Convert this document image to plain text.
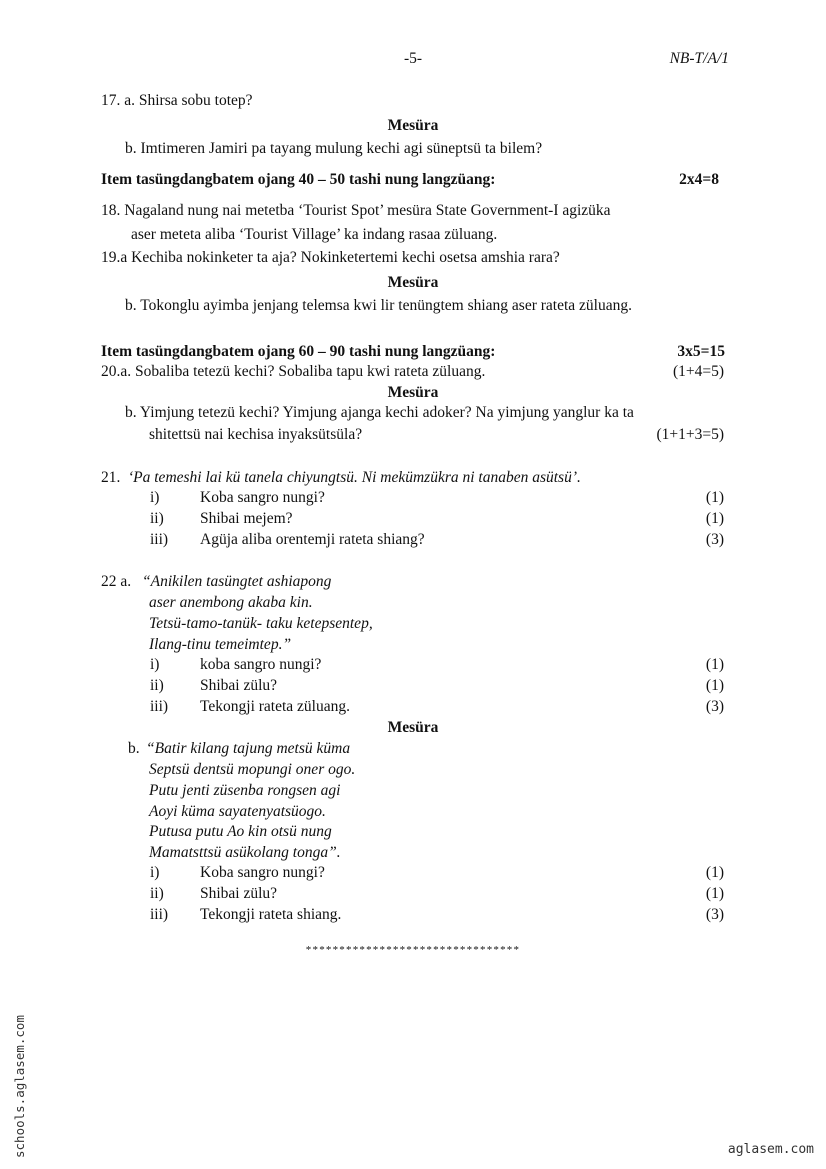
-5-	NB-T/A/1
17. a. Shirsa sobu totep?
Mesüra
b. Imtimeren Jamiri pa tayang mulung kechi agi süneptsü ta bilem?
Item tasüngdangbatem ojang 40 – 50 tashi nung langzüang:	2x4=8
18. Nagaland nung nai metetba ‘Tourist Spot’ mesüra State Government-I agizüka
aser meteta aliba ‘Tourist Village’ ka indang rasaa züluang.
19.a Kechiba nokinketer ta aja? Nokinketertemi kechi osetsa amshia rara?
Mesüra
b. Tokonglu ayimba jenjang telemsa kwi lir tenüngtem shiang aser rateta züluang.
Item tasüngdangbatem ojang 60 – 90 tashi nung langzüang:	3x5=15
20.a. Sobaliba tetezü kechi? Sobaliba tapu kwi rateta züluang.	(1+4=5)
Mesüra
b. Yimjung tetezü kechi? Yimjung ajanga kechi adoker? Na yimjung yanglur ka ta
shitettsü nai kechisa inyaksütsüla?	(1+1+3=5)
21. ‘Pa temeshi lai kü tanela chiyungtsü. Ni mekümzükra ni tanaben asütsü’.
i)	Koba sangro nungi?	(1)
ii) Shibai mejem?	(1)
iii) Agüja aliba orentemji rateta shiang?	(3)
22 a. “Anikilen tasüngtet ashiapong
aser anembong akaba kin.
Tetsü-tamo-tanük- taku ketepsentep,
Ilang-tinu temeimtep.”
i)	koba sangro nungi?	(1)
ii) Shibai zülu?	(1)
iii) Tekongji rateta züluang.	(3)
Mesüra
b. “Batir kilang tajung metsü küma
Septsü dentsü mopungi oner ogo.
Putu jenti züsenba rongsen agi
Aoyi küma sayatenyatsüogo.
Putusa putu Ao kin otsü nung
Mamatsttsü asükolang tonga”.
i)	Koba sangro nungi?	(1)
ii) Shibai zülu?	(1)
iii) Tekongji rateta shiang.	(3)
********************************
schools.aglasem.com	aglasem.com
